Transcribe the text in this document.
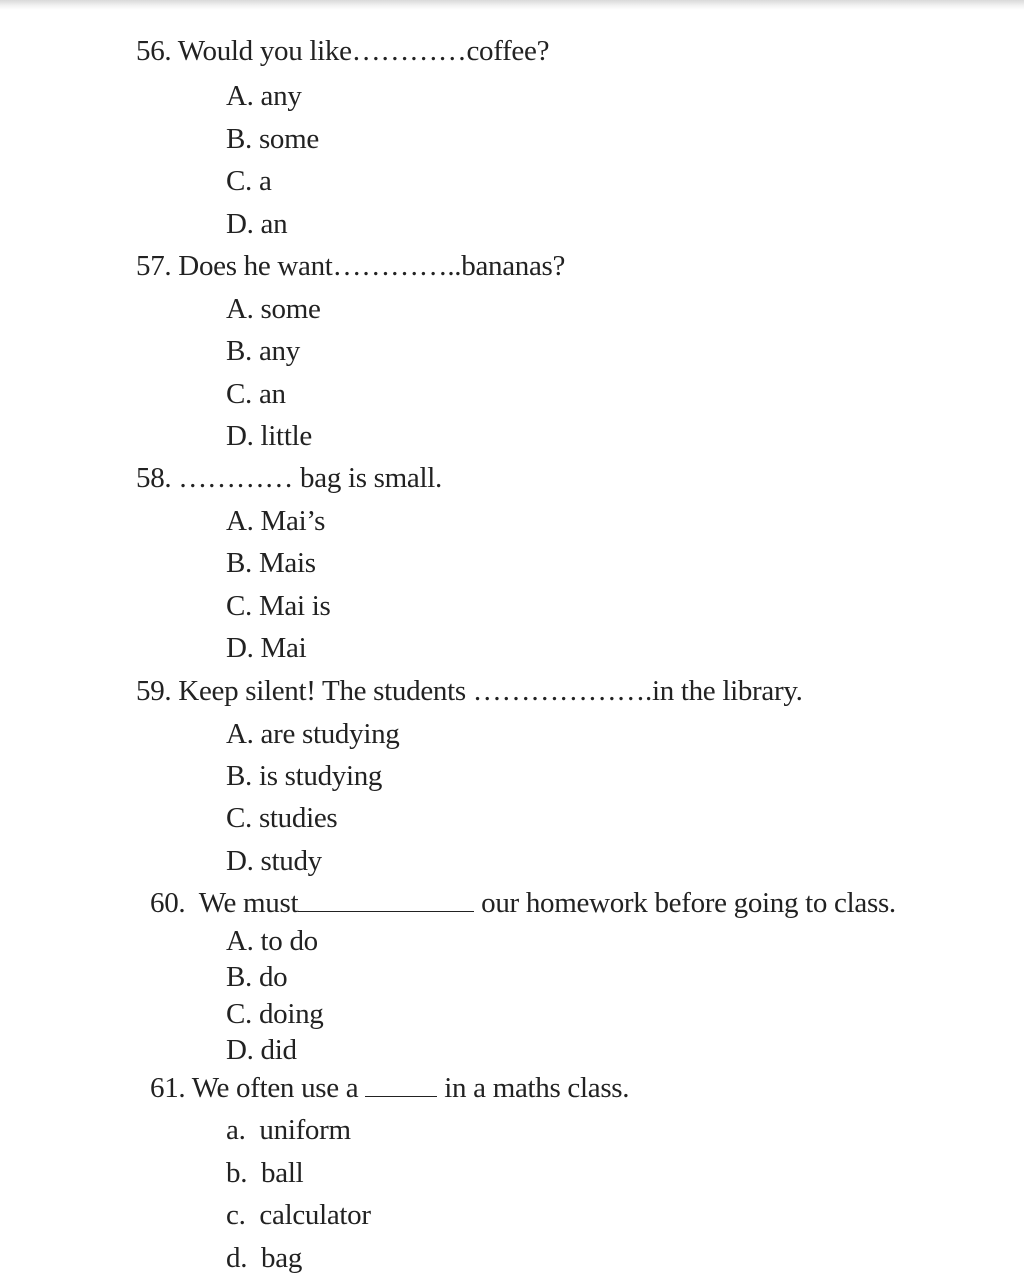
56. Would you like…………coffee?
A. any
B. some
C. a
D. an
57. Does he want…………..bananas?
A. some
B. any
C. an
D. little
58. ………… bag is small.
A. Mai’s
B. Mais
C. Mai is
D. Mai
59. Keep silent! The students ……………….in the library.
A. are studying
B. is studying
C. studies
D. study
60.  We must	our homework before going to class.
A. to do
B. do
C. doing
D. did
61. We often use a  in a maths class.
a.  uniform
b.  ball
c.  calculator
d.  bag
